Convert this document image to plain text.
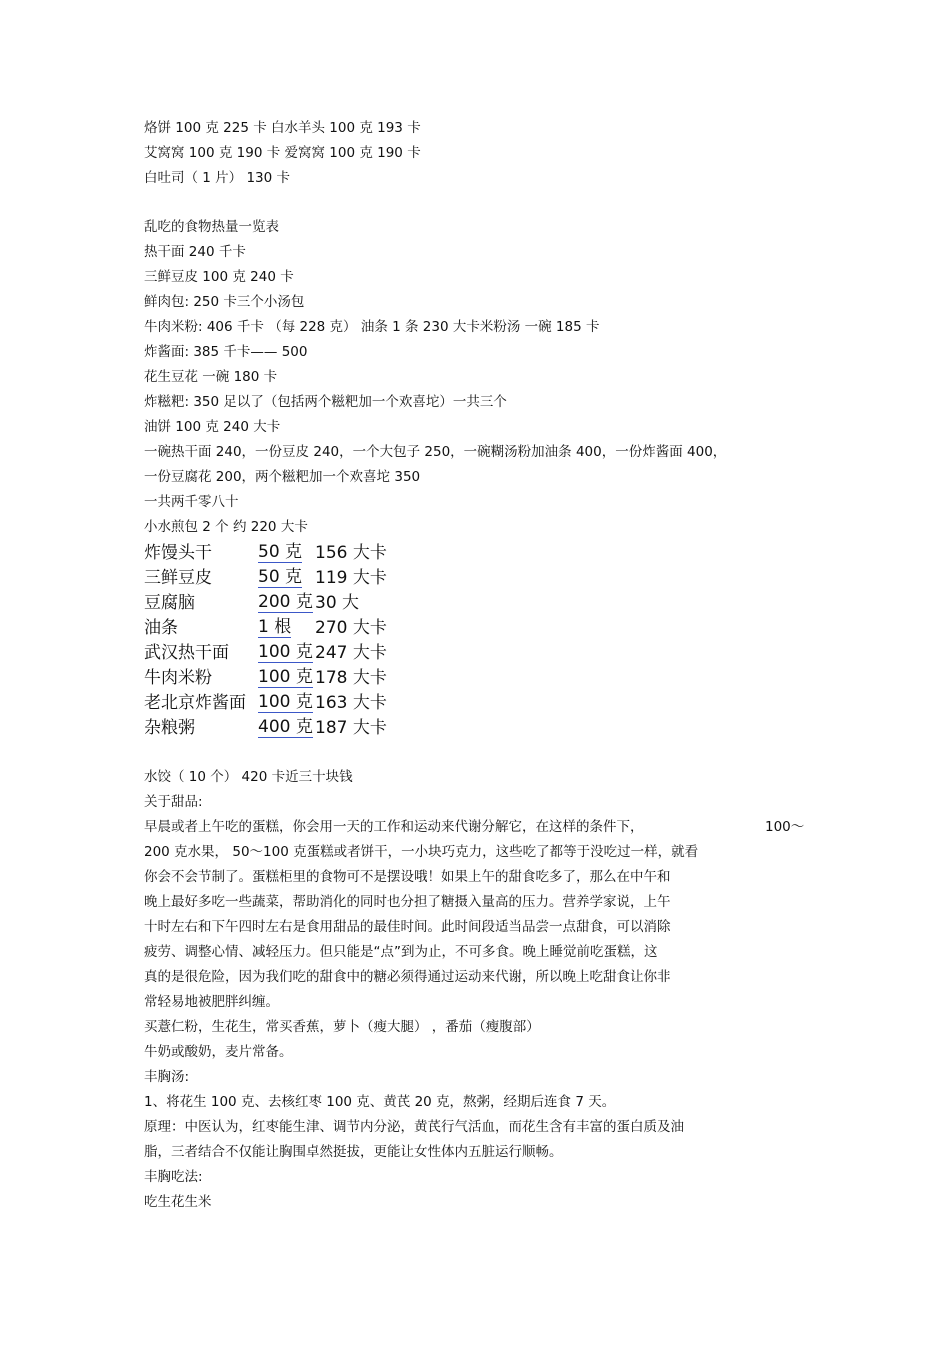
烙饼 100 克 225 卡 白水羊头 100 克 193 卡
艾窝窝 100 克 190 卡 爱窝窝 100 克 190 卡
白吐司（ 1 片） 130 卡
乱吃的食物热量一览表
热干面 240 千卡
三鲜豆皮 100 克 240 卡
鲜肉包: 250 卡三个小汤包
牛肉米粉: 406 千卡 （每 228 克） 油条 1 条 230 大卡米粉汤 一碗 185 卡
炸酱面: 385 千卡—— 500
花生豆花 一碗 180 卡
炸糍粑: 350 足以了（包括两个糍粑加一个欢喜坨）一共三个
油饼 100 克 240 大卡
一碗热干面 240，一份豆皮 240，一个大包子 250，一碗糊汤粉加油条 400，一份炸酱面 400，
一份豆腐花 200，两个糍粑加一个欢喜坨 350
一共两千零八十
小水煎包 2 个 约 220 大卡
炸馒头干	50 克 156 大卡
三鲜豆皮	50 克 119 大卡
豆腐脑	200 克 30 大
油条	1 根 270 大卡
武汉热干面 100 克 247 大卡
牛肉米粉	100 克 178 大卡
老北京炸酱面 100 克 163 大卡
杂粮粥	400 克 187 大卡
水饺（ 10 个） 420 卡近三十块钱
关于甜品:
早晨或者上午吃的蛋糕，你会用一天的工作和运动来代谢分解它，在这样的条件下，	100～
200 克水果， 50～100 克蛋糕或者饼干，一小块巧克力，这些吃了都等于没吃过一样，就看
你会不会节制了。蛋糕柜里的食物可不是摆设哦！如果上午的甜食吃多了，那么在中午和
晚上最好多吃一些蔬菜，帮助消化的同时也分担了糖摄入量高的压力。营养学家说，上午
十时左右和下午四时左右是食用甜品的最佳时间。此时间段适当品尝一点甜食，可以消除
疲劳、调整心情、减轻压力。但只能是“点”到为止，不可多食。晚上睡觉前吃蛋糕，这
真的是很危险，因为我们吃的甜食中的糖必须得通过运动来代谢，所以晚上吃甜食让你非
常轻易地被肥胖纠缠。
买薏仁粉，生花生，常买香蕉，萝卜（瘦大腿） ，番茄（瘦腹部）
牛奶或酸奶，麦片常备。
丰胸汤:
1、将花生 100 克、去核红枣 100 克、黄芪 20 克，熬粥，经期后连食 7 天。
原理：中医认为，红枣能生津、调节内分泌，黄芪行气活血，而花生含有丰富的蛋白质及油
脂，三者结合不仅能让胸围卓然挺拔，更能让女性体内五脏运行顺畅。
丰胸吃法:
吃生花生米
